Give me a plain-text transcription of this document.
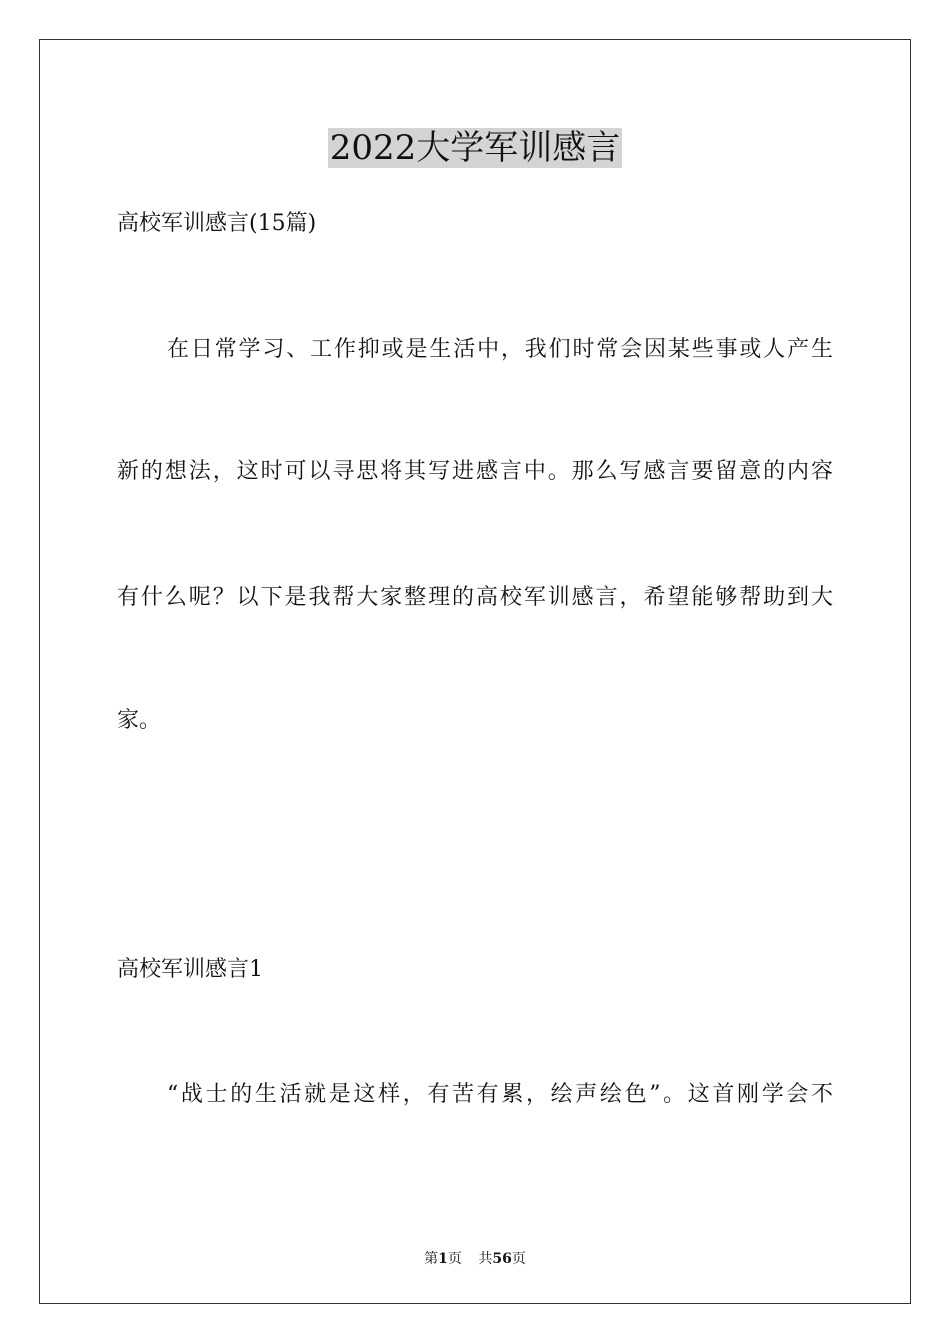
2022大学军训感言
高校军训感言(15篇)
在日常学习、工作抑或是生活中，我们时常会因某些事或人产生
新的想法，这时可以寻思将其写进感言中。那么写感言要留意的内容
有什么呢？以下是我帮大家整理的高校军训感言，希望能够帮助到大
家。
高校军训感言1
“战士的生活就是这样，有苦有累，绘声绘色”。这首刚学会不
第1页 共56页
